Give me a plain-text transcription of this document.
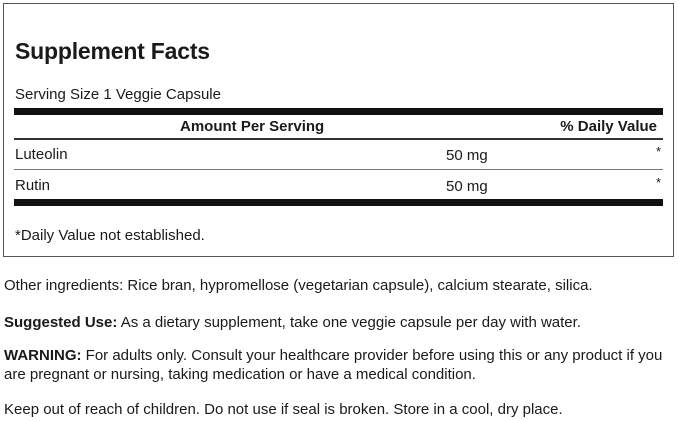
Supplement Facts
Serving Size 1 Veggie Capsule
Amount Per Serving	% Daily Value
Luteolin	50 mg	*
Rutin	50 mg	*
*Daily Value not established.

Other ingredients: Rice bran, hypromellose (vegetarian capsule), calcium stearate, silica.

Suggested Use: As a dietary supplement, take one veggie capsule per day with water.

WARNING: For adults only. Consult your healthcare provider before using this or any product if you are pregnant or nursing, taking medication or have a medical condition.

Keep out of reach of children. Do not use if seal is broken. Store in a cool, dry place.
